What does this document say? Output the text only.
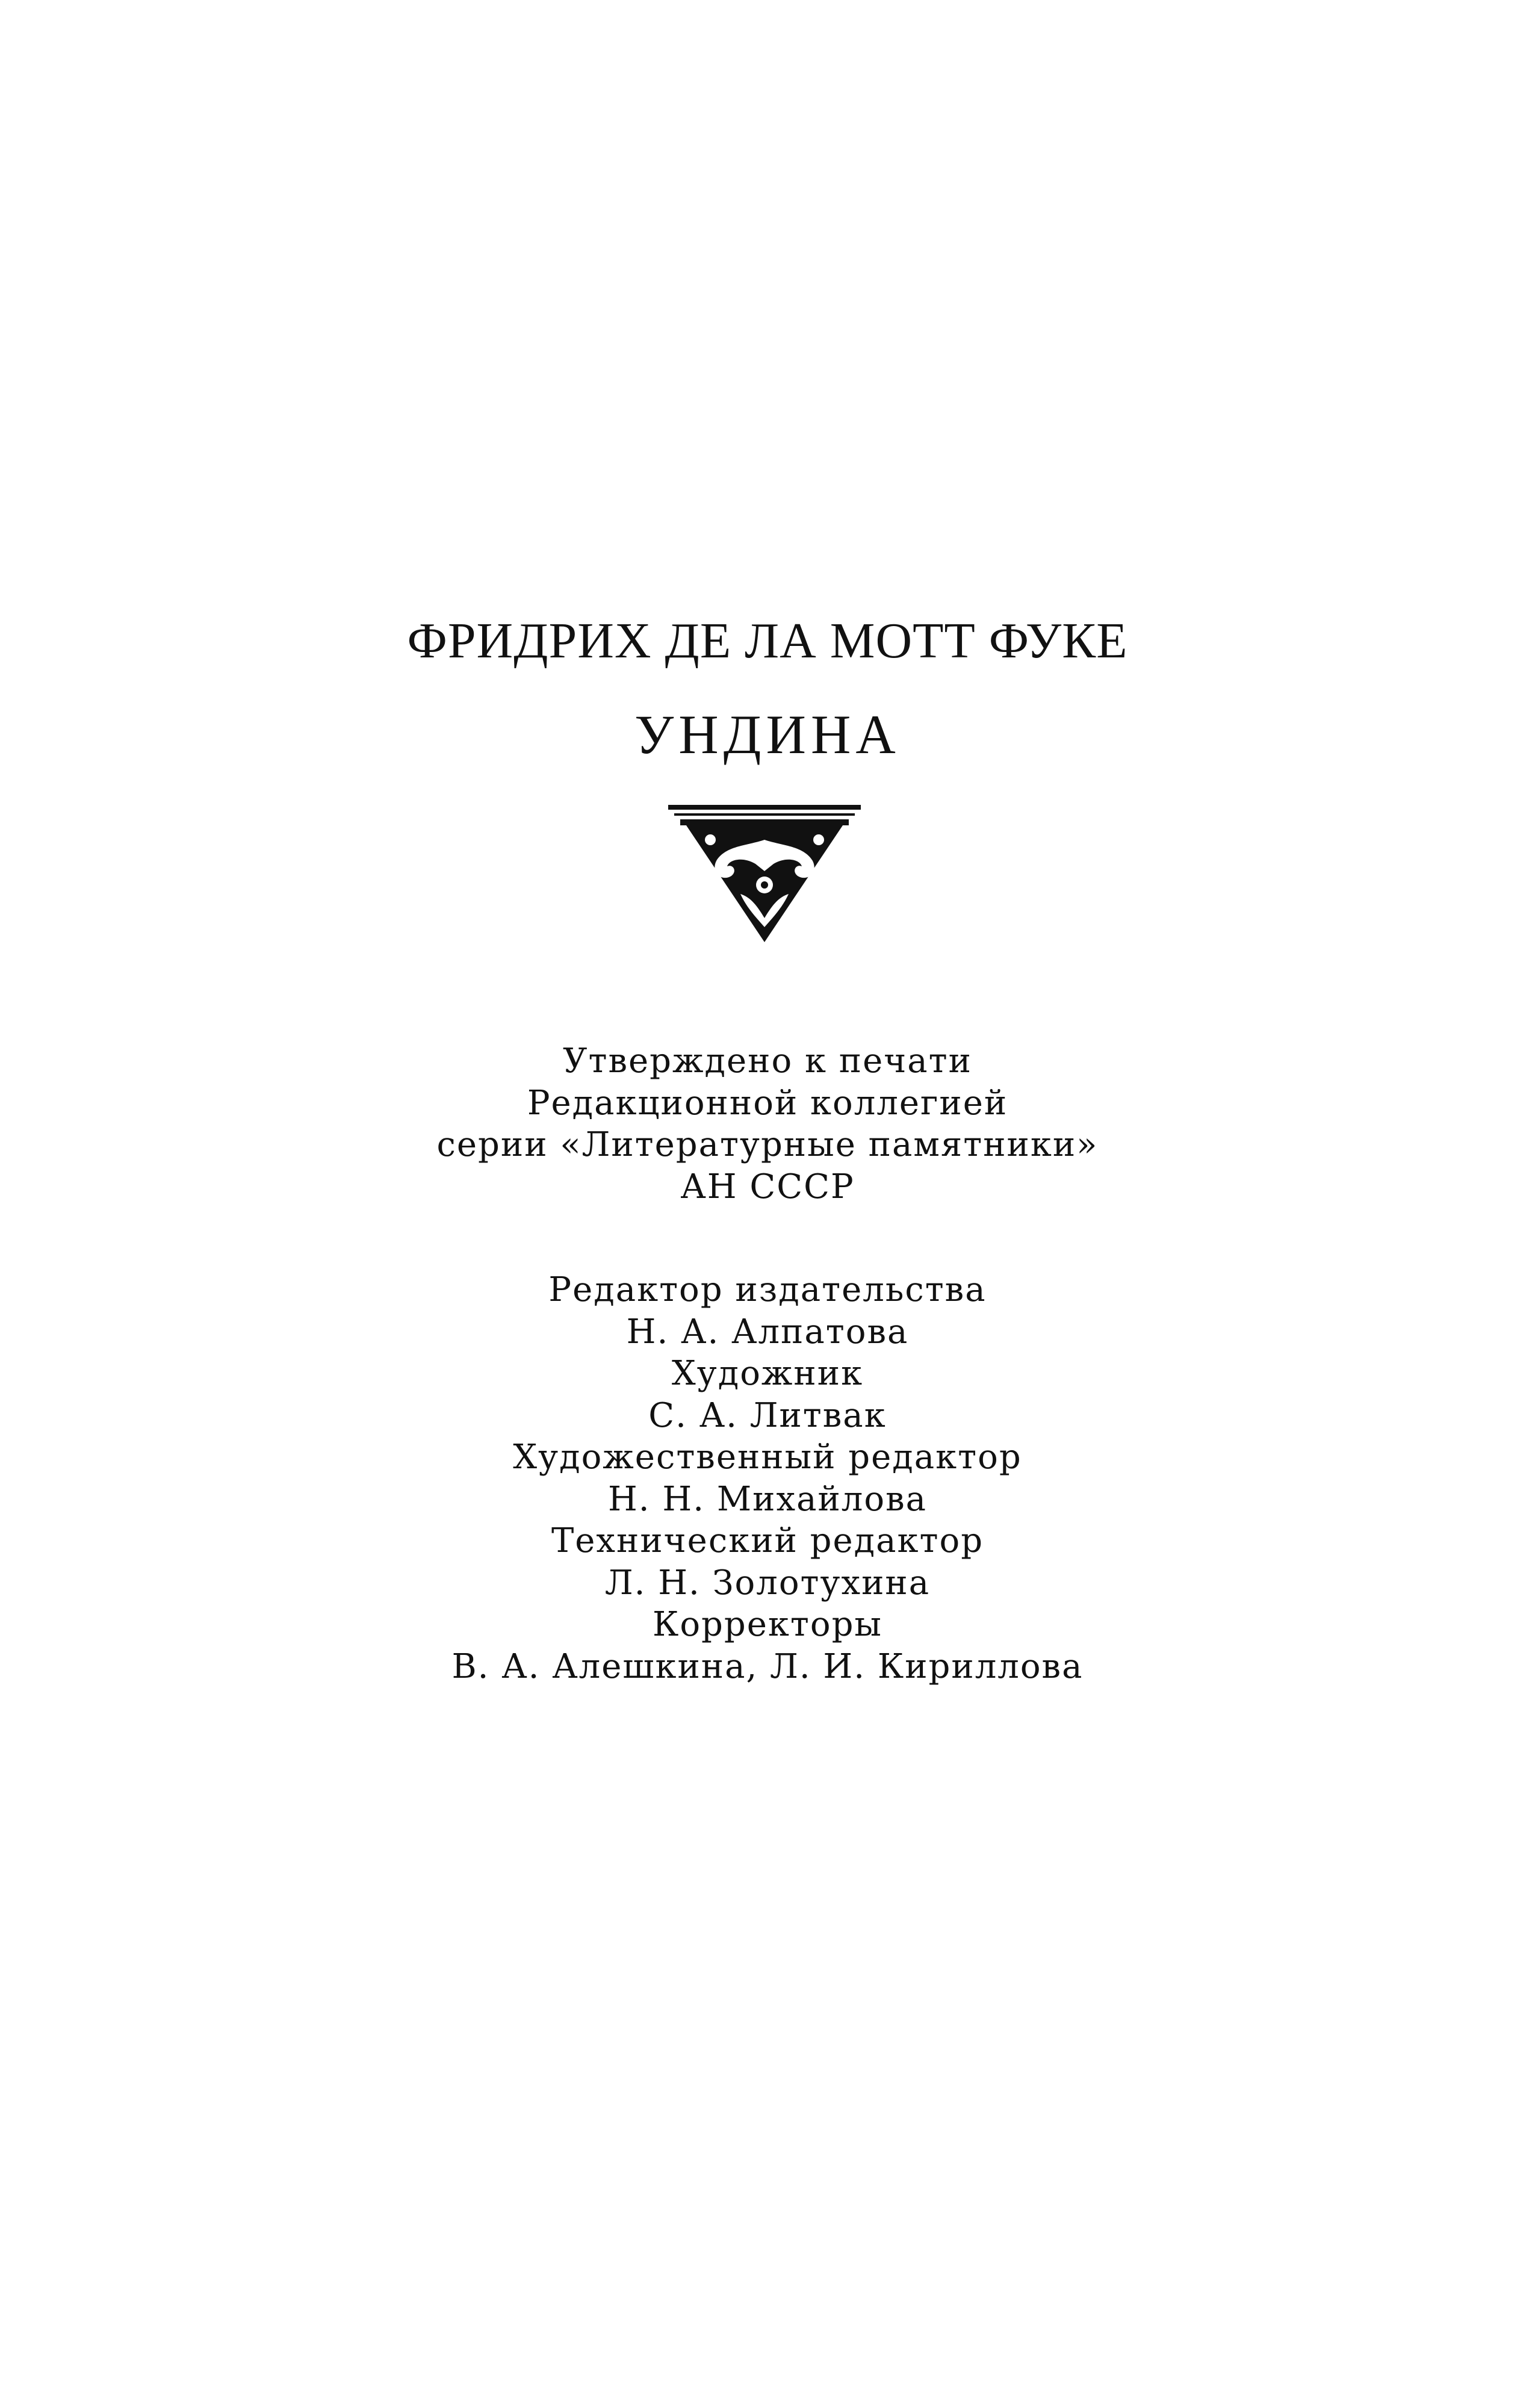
ФРИДРИХ ДЕ ЛА МОТТ ФУКЕ
УНДИНА
Утверждено к печати
Редакционной коллегией
серии «Литературные памятники»
АН СССР
Редактор издательства
Н. А. Алпатова
Художник
С. А. Литвак
Художественный редактор
Н. Н. Михайлова
Технический редактор
Л. Н. Золотухина
Корректоры
В. А. Алешкина, Л. И. Кириллова
